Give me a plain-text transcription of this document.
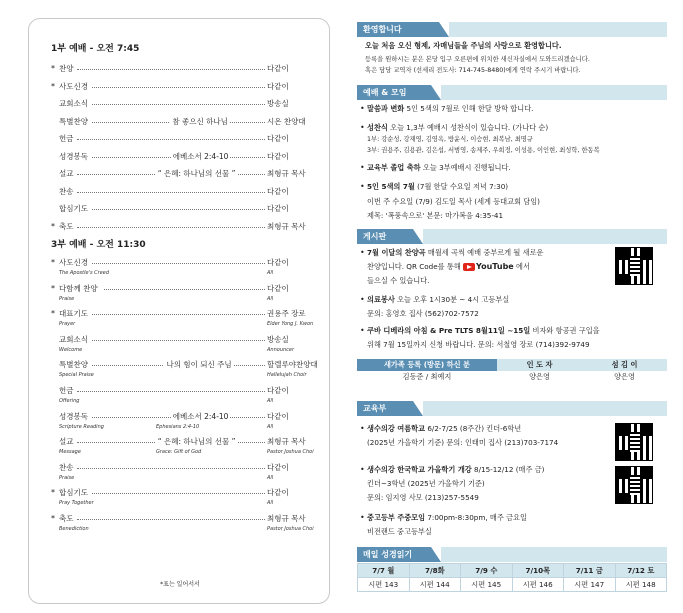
1부 예배 - 오전 7:45
* 찬양	다같이
* 사도신경	다같이
교회소식	방송실
특별찬양	참 좋으신 하나님	시온 찬양대
헌금	다같이
성경봉독	에베소서 2:4-10	다같이
설교	“ 은혜: 하나님의 선물 ”	최형규 목사
찬송	다같이
합심기도	다같이
* 축도	최형규 목사
3부 예배 - 오전 11:30
* 사도신경	다같이
The Apostle's Creed	All
* 다함께 찬양	다같이
Praise	All
* 대표기도	권용주 장로
Prayer	Elder Yong J. Kwon
교회소식	방송실
Welcome	Announcer
특별찬양	나의 힘이 되신 주님	할렐루야찬양대
Special Praise	Hallelujah Choir
헌금	다같이
Offering	All
성경봉독	에베소서 2:4-10	다같이
Scripture Reading	Ephesians 2:4-10	All
설교	“ 은혜: 하나님의 선물 ”	최형규 목사
Message	Grace: Gift of God	Pastor Joshua Choi
찬송	다같이
Praise	All
* 합심기도	다같이
Pray Together	All
* 축도	최형규 목사
Benediction	Pastor Joshua Choi
*표는 일어서서
환영합니다
오늘 처음 오신 형제, 자매님들을 주님의 사랑으로 환영합니다.
등록을 원하시는 분은 본당 입구 오른편에 위치한 새신자실에서 도와드리겠습니다.
혹은 담당 교역자 (선세리 전도사: 714-745-8480)에게 연락 주시기 바랍니다.
예배 & 모임
• 말씀과 변화 5인 5색의 7월로 인해 한달 방학 합니다.
• 성찬식 오늘 1,3부 예배시 성찬식이 있습니다. (가나다 순)
1부: 강순성, 강재영, 김영옥, 방윤식, 이승현, 최복남, 최명규
3부: 권용주, 김용관, 김은섭, 서범영, 송제주, 우희정, 이성용, 이인현, 최성학, 한동복
• 교육부 졸업 축하 오늘 3부예배시 진행됩니다.
• 5인 5색의 7월 (7월 한달 수요일 저녁 7:30)
이번 주 수요일 (7/9) 김도일 목사 (세계 등대교회 담임)
제목: '폭풍속으로' 본문: 마가복음 4:35-41
게시판
• 7월 이달의 찬양곡 매월세 곡씩 예배 중부르게 될 새로운
찬양입니다. QR Code를 통해 YouTube 에서
들으실 수 있습니다.
• 의료봉사 오늘 오후 1시30분 ~ 4시 고등부실
문의: 홍영호 집사 (562)702-7572
• 쿠바 디베라의 아침 & Pre TLTS 8월11일 ~15일 비자와 항공권 구입을
위해 7월 15일까지 신청 바랍니다. 문의: 서철영 장로 (714)392-9749
새가족 등록 (방문) 하신 분	인 도 자	섬 김 이
김동준 / 최예지	양은영	양은영
교육부
• 생수의강 여름학교 6/2-7/25 (8주간) 킨더-6학년
(2025년 가을학기 기준) 문의: 인태미 집사 (213)703-7174
• 생수의강 한국학교 가을학기 개강 8/15-12/12 (매주 금)
킨더~3학년 (2025년 가을학기 기준)
문의: 임지영 사모 (213)257-5549
• 중고등부 주중모임 7:00pm-8:30pm, 매주 금요일
비전랜드 중고등부실
매일 성경읽기
7/7 월	7/8화	7/9 수	7/10목	7/11 금	7/12 토
시편 143	시편 144	시편 145	시편 146	시편 147	시편 148
